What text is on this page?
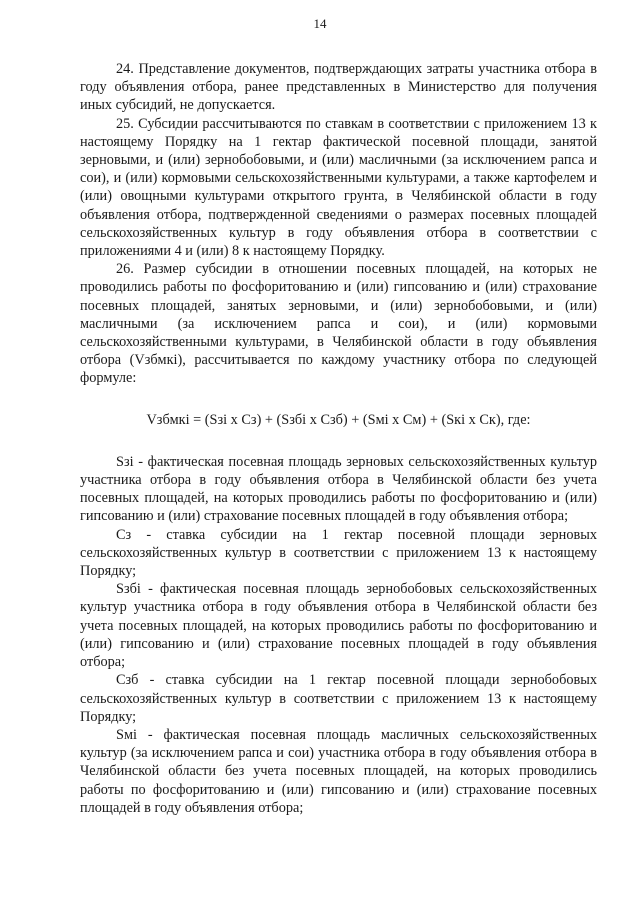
14

24. Представление документов, подтверждающих затраты участника отбора в году объявления отбора, ранее представленных в Министерство для получения иных субсидий, не допускается.

25. Субсидии рассчитываются по ставкам в соответствии с приложением 13 к настоящему Порядку на 1 гектар фактической посевной площади, занятой зерновыми, и (или) зернобобовыми, и (или) масличными (за исключением рапса и сои), и (или) кормовыми сельскохозяйственными культурами, а также картофелем и (или) овощными культурами открытого грунта, в Челябинской области в году объявления отбора, подтвержденной сведениями о размерах посевных площадей сельскохозяйственных культур в году объявления отбора в соответствии с приложениями 4 и (или) 8 к настоящему Порядку.

26. Размер субсидии в отношении посевных площадей, на которых не проводились работы по фосфоритованию и (или) гипсованию и (или) страхование посевных площадей, занятых зерновыми, и (или) зернобобовыми, и (или) масличными (за исключением рапса и сои), и (или) кормовыми сельскохозяйственными культурами, в Челябинской области в году объявления отбора (Vзбмкi), рассчитывается по каждому участнику отбора по следующей формуле:

Vзбмкi = (Sзi х Сз) + (Sзбi х Сзб) + (Sмi х См) + (Sкi х Ск), где:

Sзi - фактическая посевная площадь зерновых сельскохозяйственных культур участника отбора в году объявления отбора в Челябинской области без учета посевных площадей, на которых проводились работы по фосфоритованию и (или) гипсованию и (или) страхование посевных площадей в году объявления отбора;

Сз - ставка субсидии на 1 гектар посевной площади зерновых сельскохозяйственных культур в соответствии с приложением 13 к настоящему Порядку;

Sзбi - фактическая посевная площадь зернобобовых сельскохозяйственных культур участника отбора в году объявления отбора в Челябинской области без учета посевных площадей, на которых проводились работы по фосфоритованию и (или) гипсованию и (или) страхование посевных площадей в году объявления отбора;

Сзб - ставка субсидии на 1 гектар посевной площади зернобобовых сельскохозяйственных культур в соответствии с приложением 13 к настоящему Порядку;

Sмi - фактическая посевная площадь масличных сельскохозяйственных культур (за исключением рапса и сои) участника отбора в году объявления отбора в Челябинской области без учета посевных площадей, на которых проводились работы по фосфоритованию и (или) гипсованию и (или) страхование посевных площадей в году объявления отбора;
